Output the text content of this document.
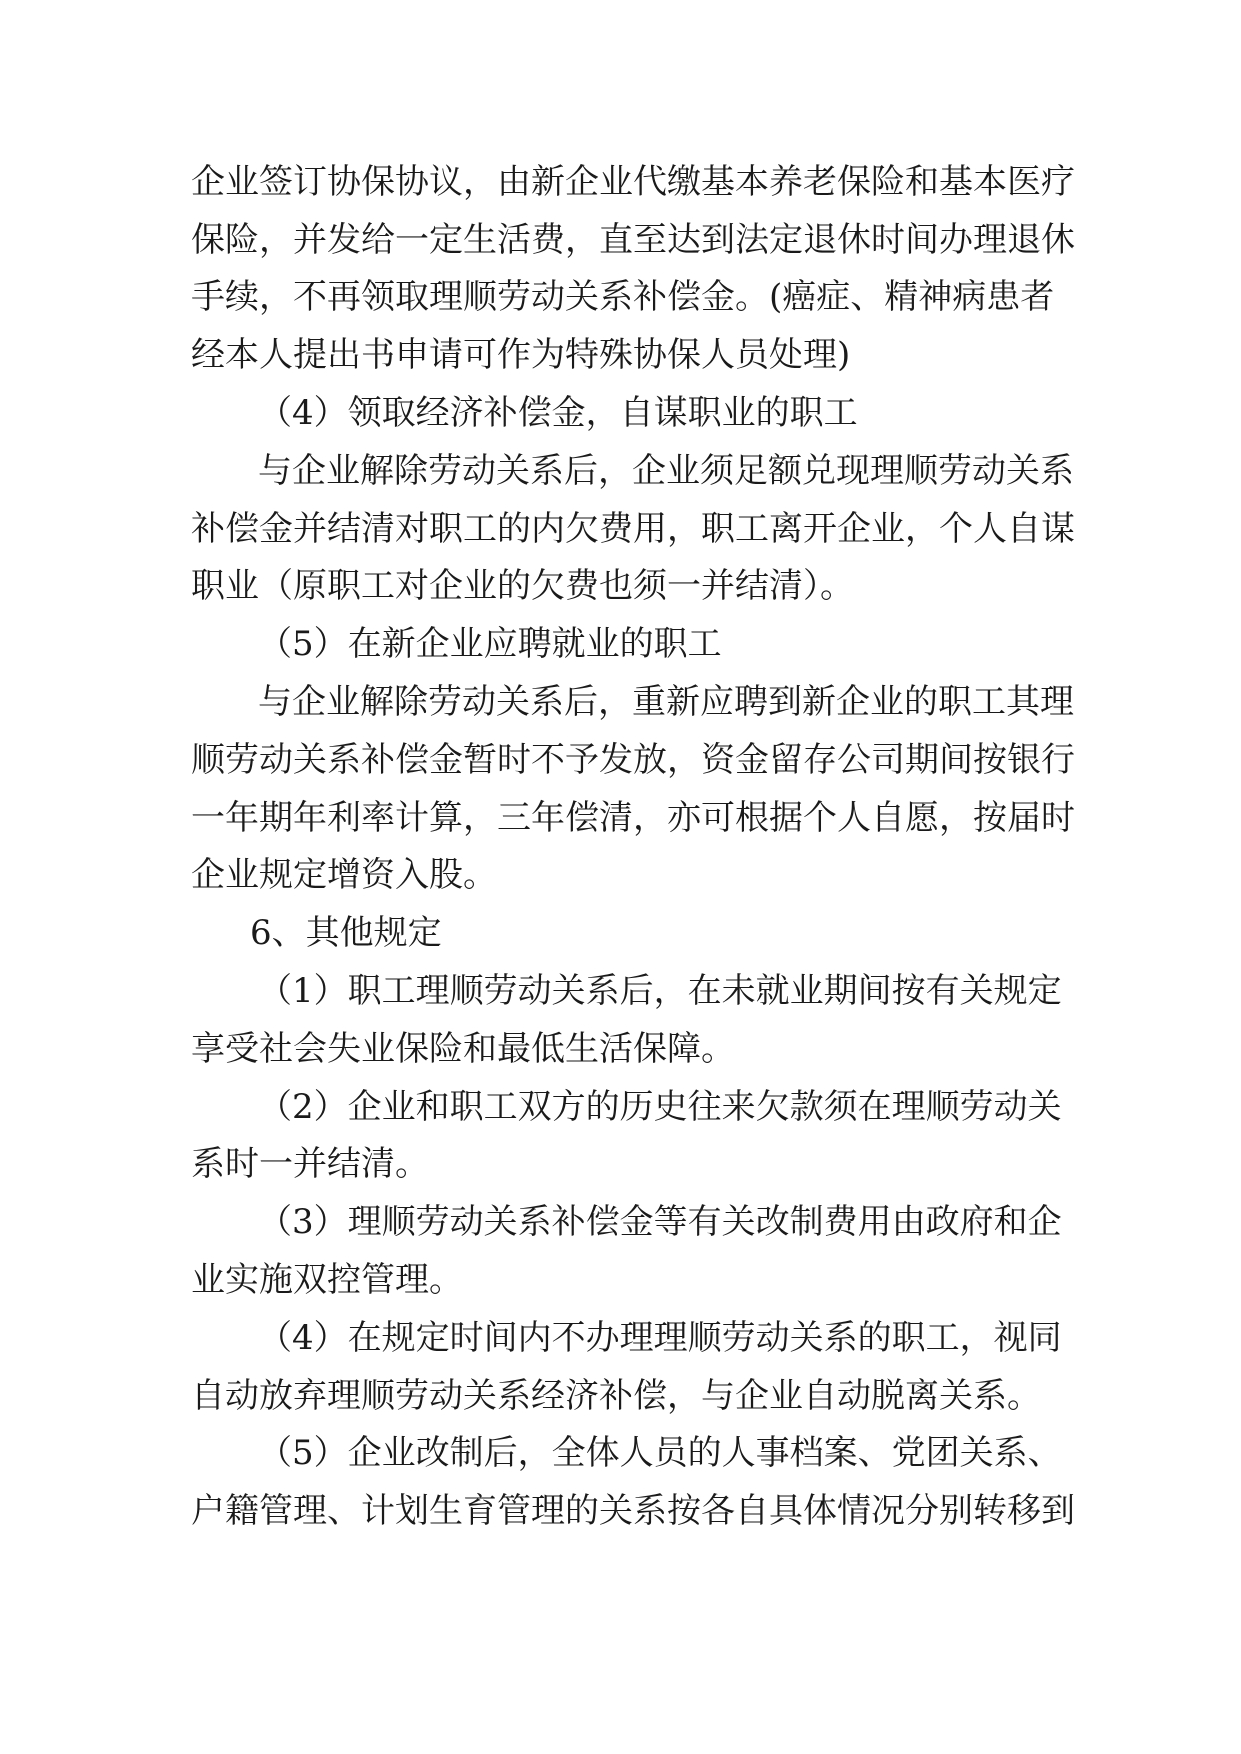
企业签订协保协议，由新企业代缴基本养老保险和基本医疗
保险，并发给一定生活费，直至达到法定退休时间办理退休
手续，不再领取理顺劳动关系补偿金。(癌症、精神病患者
经本人提出书申请可作为特殊协保人员处理)
（4）领取经济补偿金，自谋职业的职工
与企业解除劳动关系后，企业须足额兑现理顺劳动关系
补偿金并结清对职工的内欠费用，职工离开企业，个人自谋
职业（原职工对企业的欠费也须一并结清）。
（5）在新企业应聘就业的职工
与企业解除劳动关系后，重新应聘到新企业的职工其理
顺劳动关系补偿金暂时不予发放，资金留存公司期间按银行
一年期年利率计算，三年偿清，亦可根据个人自愿，按届时
企业规定增资入股。
6、其他规定
（1）职工理顺劳动关系后，在未就业期间按有关规定
享受社会失业保险和最低生活保障。
（2）企业和职工双方的历史往来欠款须在理顺劳动关
系时一并结清。
（3）理顺劳动关系补偿金等有关改制费用由政府和企
业实施双控管理。
（4）在规定时间内不办理理顺劳动关系的职工，视同
自动放弃理顺劳动关系经济补偿，与企业自动脱离关系。
（5）企业改制后，全体人员的人事档案、党团关系、
户籍管理、计划生育管理的关系按各自具体情况分别转移到
